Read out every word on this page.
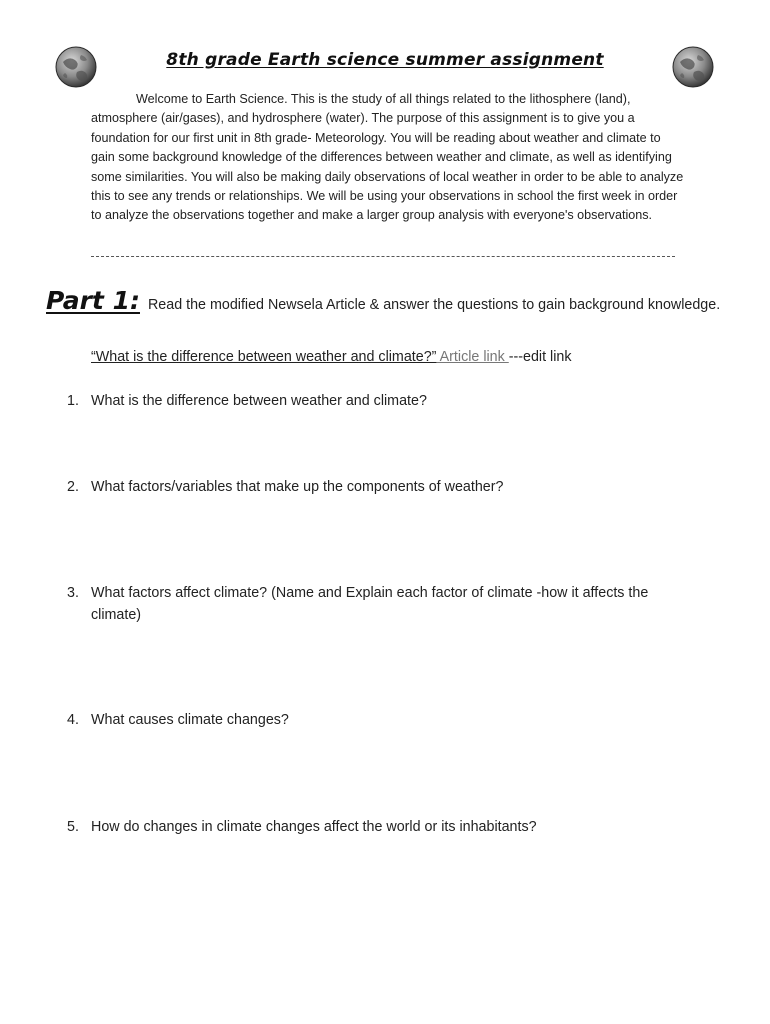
8th grade Earth science summer assignment
Welcome to Earth Science. This is the study of all things related to the lithosphere (land), atmosphere (air/gases), and hydrosphere (water). The purpose of this assignment is to give you a foundation for our first unit in 8th grade- Meteorology. You will be reading about weather and climate to gain some background knowledge of the differences between weather and climate, as well as identifying some similarities. You will also be making daily observations of local weather in order to be able to analyze this to see any trends or relationships. We will be using your observations in school the first week in order to analyze the observations together and make a larger group analysis with everyone's observations.
Part 1: Read the modified Newsela Article & answer the questions to gain background knowledge.
“What is the difference between weather and climate?” Article link ---edit link
1. What is the difference between weather and climate?
2. What factors/variables that make up the components of weather?
3. What factors affect climate? (Name and Explain each factor of climate -how it affects the climate)
4. What causes climate changes?
5. How do changes in climate changes affect the world or its inhabitants?
